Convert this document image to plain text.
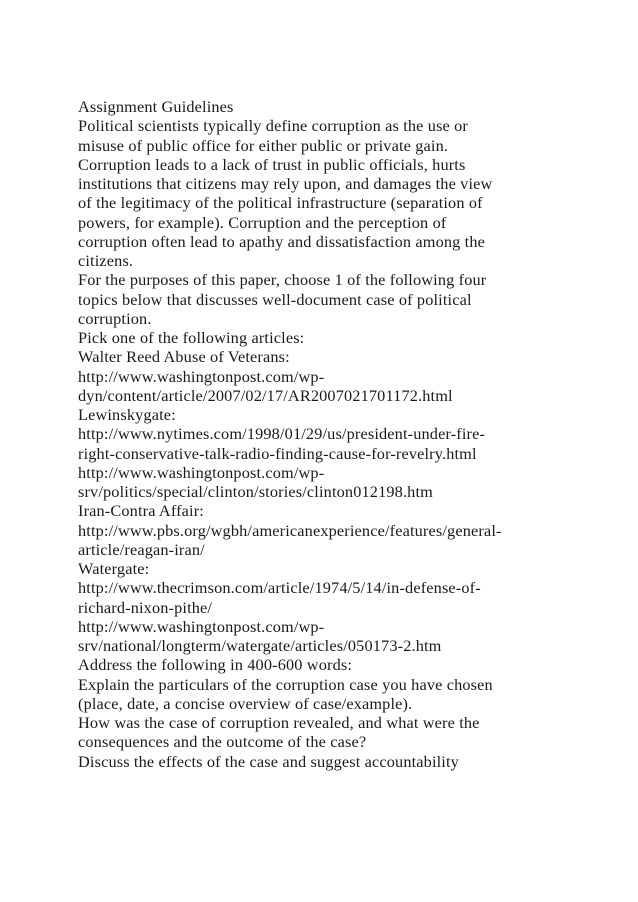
Assignment Guidelines
Political scientists typically define corruption as the use or
misuse of public office for either public or private gain.
Corruption leads to a lack of trust in public officials, hurts
institutions that citizens may rely upon, and damages the view
of the legitimacy of the political infrastructure (separation of
powers, for example). Corruption and the perception of
corruption often lead to apathy and dissatisfaction among the
citizens.
For the purposes of this paper, choose 1 of the following four
topics below that discusses well-document case of political
corruption.
Pick one of the following articles:
Walter Reed Abuse of Veterans:
http://www.washingtonpost.com/wp-
dyn/content/article/2007/02/17/AR2007021701172.html
Lewinskygate:
http://www.nytimes.com/1998/01/29/us/president-under-fire-
right-conservative-talk-radio-finding-cause-for-revelry.html
http://www.washingtonpost.com/wp-
srv/politics/special/clinton/stories/clinton012198.htm
Iran-Contra Affair:
http://www.pbs.org/wgbh/americanexperience/features/general-
article/reagan-iran/
Watergate:
http://www.thecrimson.com/article/1974/5/14/in-defense-of-
richard-nixon-pithe/
http://www.washingtonpost.com/wp-
srv/national/longterm/watergate/articles/050173-2.htm
Address the following in 400-600 words:
Explain the particulars of the corruption case you have chosen
(place, date, a concise overview of case/example).
How was the case of corruption revealed, and what were the
consequences and the outcome of the case?
Discuss the effects of the case and suggest accountability
